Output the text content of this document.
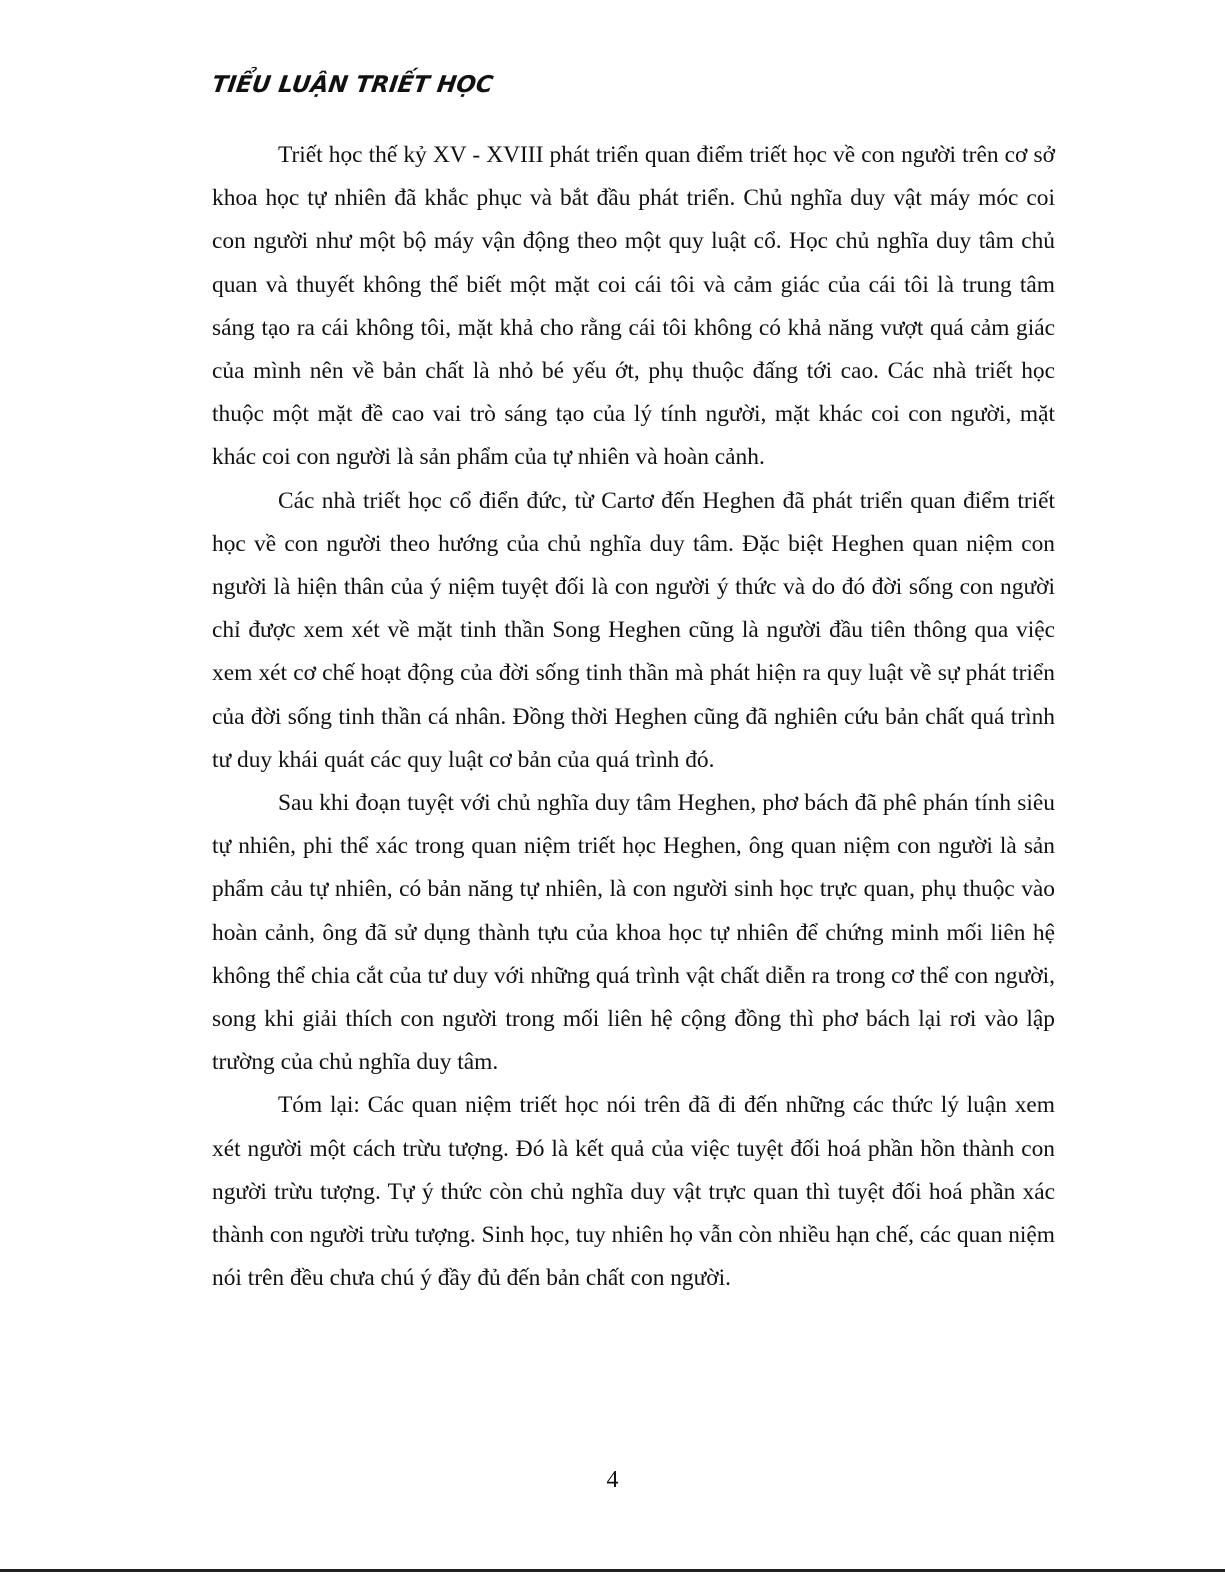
TIỂU LUẬN TRIẾT HỌC

Triết học thế kỷ XV - XVIII phát triển quan điểm triết học về con người trên cơ sở khoa học tự nhiên đã khắc phục và bắt đầu phát triển. Chủ nghĩa duy vật máy móc coi con người như một bộ máy vận động theo một quy luật cổ. Học chủ nghĩa duy tâm chủ quan và thuyết không thể biết một mặt coi cái tôi và cảm giác của cái tôi là trung tâm sáng tạo ra cái không tôi, mặt khả cho rằng cái tôi không có khả năng vượt quá cảm giác của mình nên về bản chất là nhỏ bé yếu ớt, phụ thuộc đấng tới cao. Các nhà triết học thuộc một mặt đề cao vai trò sáng tạo của lý tính người, mặt khác coi con người, mặt khác coi con người là sản phẩm của tự nhiên và hoàn cảnh.

Các nhà triết học cổ điển đức, từ Cartơ đến Heghen đã phát triển quan điểm triết học về con người theo hướng của chủ nghĩa duy tâm. Đặc biệt Heghen quan niệm con người là hiện thân của ý niệm tuyệt đối là con người ý thức và do đó đời sống con người chỉ được xem xét về mặt tinh thần Song Heghen cũng là người đầu tiên thông qua việc xem xét cơ chế hoạt động của đời sống tinh thần mà phát hiện ra quy luật về sự phát triển của đời sống tinh thần cá nhân. Đồng thời Heghen cũng đã nghiên cứu bản chất quá trình tư duy khái quát các quy luật cơ bản của quá trình đó.

Sau khi đoạn tuyệt với chủ nghĩa duy tâm Heghen, phơ bách đã phê phán tính siêu tự nhiên, phi thể xác trong quan niệm triết học Heghen, ông quan niệm con người là sản phẩm cảu tự nhiên, có bản năng tự nhiên, là con người sinh học trực quan, phụ thuộc vào hoàn cảnh, ông đã sử dụng thành tựu của khoa học tự nhiên để chứng minh mối liên hệ không thể chia cắt của tư duy với những quá trình vật chất diễn ra trong cơ thể con người, song khi giải thích con người trong mối liên hệ cộng đồng thì phơ bách lại rơi vào lập trường của chủ nghĩa duy tâm.

Tóm lại: Các quan niệm triết học nói trên đã đi đến những các thức lý luận xem xét người một cách trừu tượng. Đó là kết quả của việc tuyệt đối hoá phần hồn thành con người trừu tượng. Tự ý thức còn chủ nghĩa duy vật trực quan thì tuyệt đối hoá phần xác thành con người trừu tượng. Sinh học, tuy nhiên họ vẫn còn nhiều hạn chế, các quan niệm nói trên đều chưa chú ý đầy đủ đến bản chất con người.

4
